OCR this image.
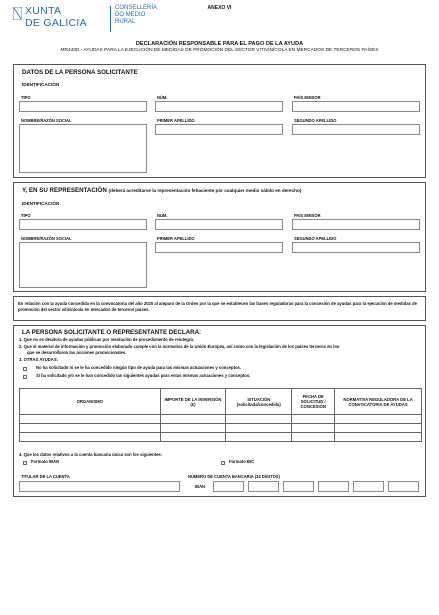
XUNTA
DE GALICIA
CONSELLERÍA DO MEDIO RURAL
ANEXO VI
DECLARACIÓN RESPONSABLE PARA EL PAGO DE LA AYUDA
MR440D - AYUDAS PARA LA EJECUCIÓN DE MEDIDAS DE PROMOCIÓN DEL SECTOR VITIVINÍCOLA EN MERCADOS DE TERCEROS PAÍSES
DATOS DE LA PERSONA SOLICITANTE
IDENTIFICACIÓN
TIPO	NÚM.	PAÍS EMISOR
NOMBRE/RAZÓN SOCIAL	PRIMER APELLIDO	SEGUNDO APELLIDO
Y, EN SU REPRESENTACIÓN (deberá acreditarse la representación fehaciente por cualquier medio válido en derecho)
IDENTIFICACIÓN
TIPO	NÚM.	PAÍS EMISOR
NOMBRE/RAZÓN SOCIAL	PRIMER APELLIDO	SEGUNDO APELLIDO
En relación con la ayuda concedida en la convocatoria del año 2020 al amparo de la Orden por la que se establecen las bases reguladoras para la concesión de ayudas para la ejecución de medidas de promoción del sector vitivinícola en mercados de terceros países.
LA PERSONA SOLICITANTE O REPRESENTANTE DECLARA:
1. Que no es deudora de ayudas públicas por resolución de procedimiento de reintegro.
2. Que el material de información y promoción elaborado cumple con la normativa de la Unión Europea, así como con la legislación de los países terceros en los
que se desarrollaron las acciones promocionales.
3. OTRAS AYUDAS:
No ha solicitado ni se le ha concedido ningún tipo de ayuda para las mismas actuaciones y conceptos.
Sí ha solicitado y/o se le han concedido las siguientes ayudas para estas mismas actuaciones y conceptos:
ORGANISMO	IMPORTE DE LA INVERSIÓN (€)	SITUACIÓN (solicitada/concedida)	FECHA DE SOLICITUD / CONCESIÓN	NORMATIVA REGULADORA DE LA CONVOCATORIA DE AYUDAS

4. Que los datos relativos a la cuenta bancaria única son los siguientes:
Formato IBAN	Formato BIC
TITULAR DE LA CUENTA	NÚMERO DE CUENTA BANCARIA (24 DÍGITOS)
IBAN
